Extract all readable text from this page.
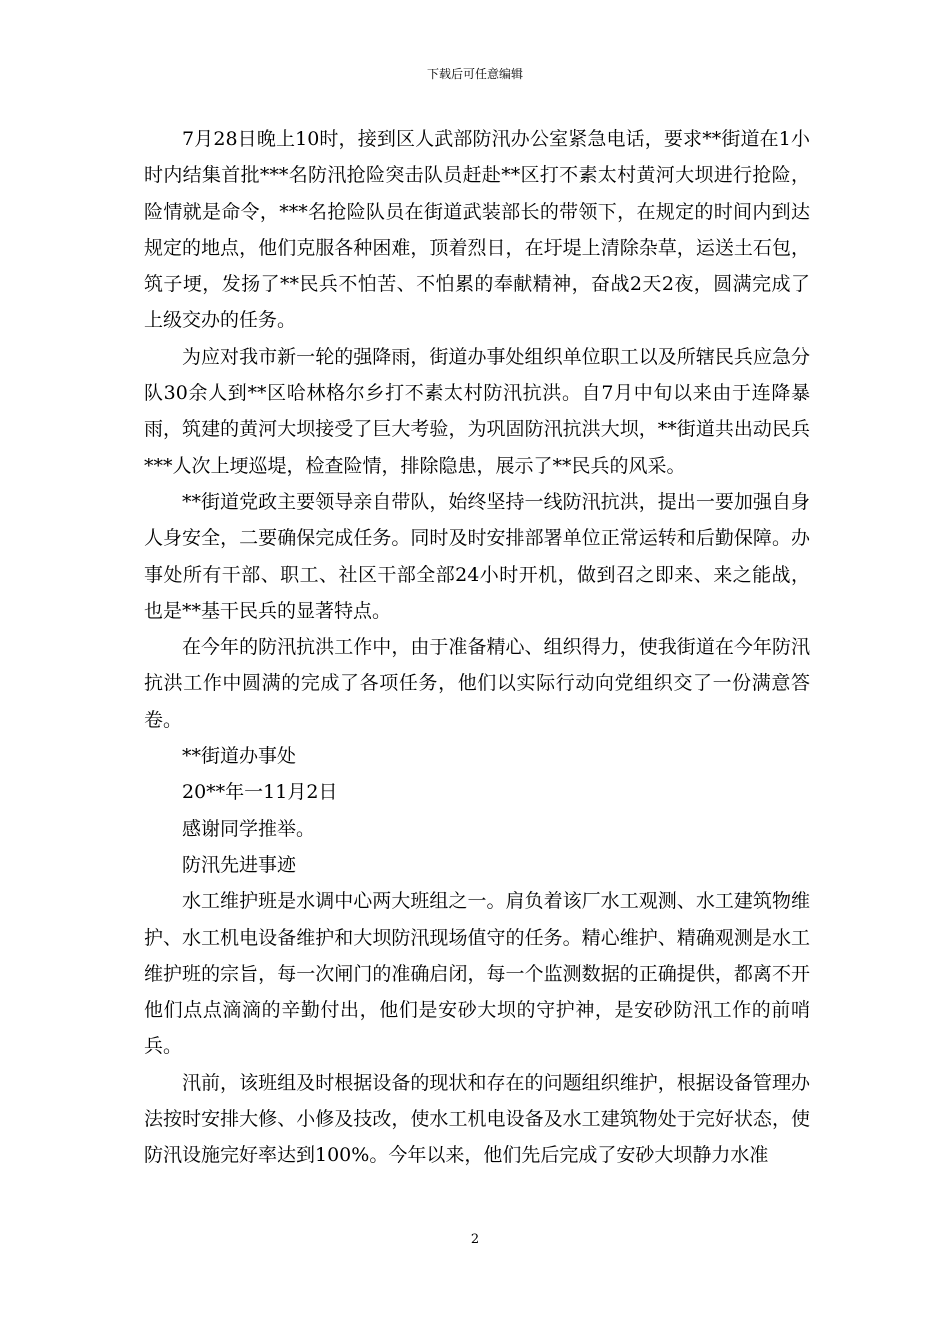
下载后可任意编辑

7月28日晚上10时，接到区人武部防汛办公室紧急电话，要求**街道在1小时内结集首批***名防汛抢险突击队员赶赴**区打不素太村黄河大坝进行抢险，险情就是命令，***名抢险队员在街道武装部长的带领下，在规定的时间内到达规定的地点，他们克服各种困难，顶着烈日，在圩堤上清除杂草，运送土石包，筑子埂，发扬了**民兵不怕苦、不怕累的奉献精神，奋战2天2夜，圆满完成了上级交办的任务。

为应对我市新一轮的强降雨，街道办事处组织单位职工以及所辖民兵应急分队30余人到**区哈林格尔乡打不素太村防汛抗洪。自7月中旬以来由于连降暴雨，筑建的黄河大坝接受了巨大考验，为巩固防汛抗洪大坝，**街道共出动民兵***人次上埂巡堤，检查险情，排除隐患，展示了**民兵的风采。

**街道党政主要领导亲自带队，始终坚持一线防汛抗洪，提出一要加强自身人身安全，二要确保完成任务。同时及时安排部署单位正常运转和后勤保障。办事处所有干部、职工、社区干部全部24小时开机，做到召之即来、来之能战，也是**基干民兵的显著特点。

在今年的防汛抗洪工作中，由于准备精心、组织得力，使我街道在今年防汛抗洪工作中圆满的完成了各项任务，他们以实际行动向党组织交了一份满意答卷。

**街道办事处

20**年一11月2日

感谢同学推举。

防汛先进事迹

水工维护班是水调中心两大班组之一。肩负着该厂水工观测、水工建筑物维护、水工机电设备维护和大坝防汛现场值守的任务。精心维护、精确观测是水工维护班的宗旨，每一次闸门的准确启闭，每一个监测数据的正确提供，都离不开他们点点滴滴的辛勤付出，他们是安砂大坝的守护神，是安砂防汛工作的前哨兵。

汛前，该班组及时根据设备的现状和存在的问题组织维护，根据设备管理办法按时安排大修、小修及技改，使水工机电设备及水工建筑物处于完好状态，使防汛设施完好率达到100%。今年以来，他们先后完成了安砂大坝静力水准

2
